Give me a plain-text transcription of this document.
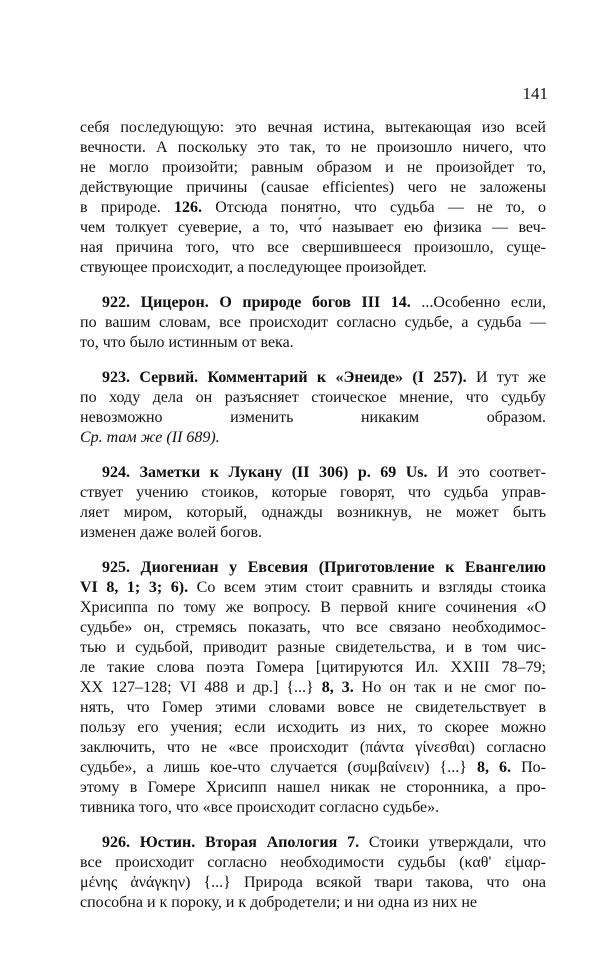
141
себя последующую: это вечная истина, вытекающая изо всей
вечности. А поскольку это так, то не произошло ничего, что
не могло произойти; равным образом и не произойдет то,
действующие причины (causae efficientes) чего не заложены
в природе. 126. Отсюда понятно, что судьба — не то, о
чем толкует суеверие, а то, что́ называет ею физика — веч-
ная причина того, что все свершившееся произошло, суще-
ствующее происходит, а последующее произойдет.
922. Цицерон. О природе богов III 14. ...Особенно если,
по вашим словам, все происходит согласно судьбе, а судьба —
то, что было истинным от века.
923. Сервий. Комментарий к «Энеиде» (I 257). И тут же
по ходу дела он разъясняет стоическое мнение, что судьбу
невозможно изменить никаким образом.
Ср. там же (II 689).
924. Заметки к Лукану (II 306) p. 69 Us. И это соответ-
ствует учению стоиков, которые говорят, что судьба управ-
ляет миром, который, однажды возникнув, не может быть
изменен даже волей богов.
925. Диогениан у Евсевия (Приготовление к Евангелию
VI 8, 1; 3; 6). Со всем этим стоит сравнить и взгляды стоика
Хрисиппа по тому же вопросу. В первой книге сочинения «О
судьбе» он, стремясь показать, что все связано необходимос-
тью и судьбой, приводит разные свидетельства, и в том чис-
ле такие слова поэта Гомера [цитируются Ил. XXIII 78–79;
XX 127–128; VI 488 и др.] {...} 8, 3. Но он так и не смог по-
нять, что Гомер этими словами вовсе не свидетельствует в
пользу его учения; если исходить из них, то скорее можно
заключить, что не «все происходит (πάντα γίνεσθαι) согласно
судьбе», а лишь кое-что случается (συμβαίνειν) {...} 8, 6. По-
этому в Гомере Хрисипп нашел никак не сторонника, а про-
тивника того, что «все происходит согласно судьбе».
926. Юстин. Вторая Апология 7. Стоики утверждали, что
все происходит согласно необходимости судьбы (καθ' εἱμαρ-
μένης ἀνάγκην) {...} Природа всякой твари такова, что она
способна и к пороку, и к добродетели; и ни одна из них не
